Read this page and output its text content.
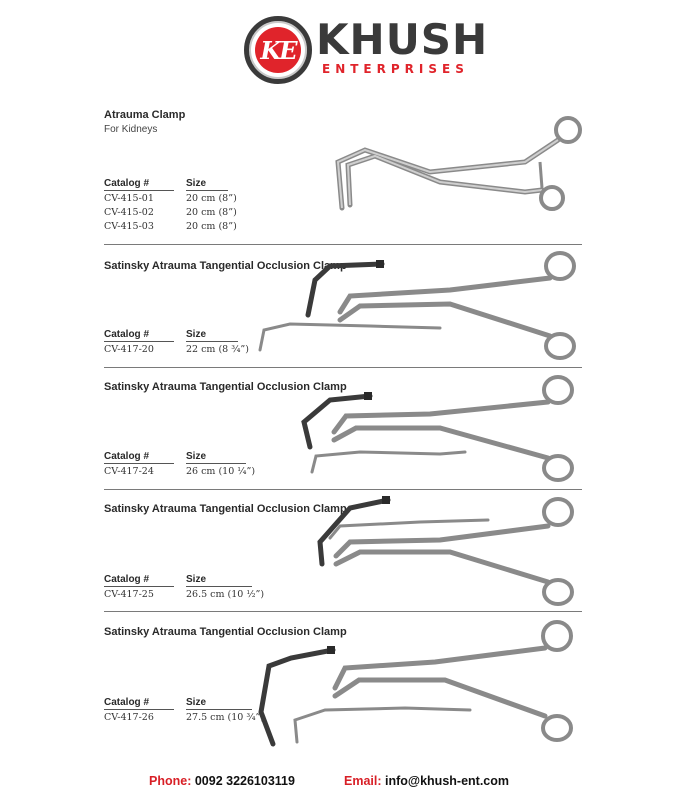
KE KHUSH
ENTERPRISES
Atrauma Clamp
For Kidneys
Catalog #	Size
CV-415-01	20 cm (8”)
CV-415-02	20 cm (8”)
CV-415-03	20 cm (8”)
Satinsky Atrauma Tangential Occlusion Clamp
Catalog #	Size
CV-417-20	22 cm (8 ¾”)
Satinsky Atrauma Tangential Occlusion Clamp
Catalog #	Size
CV-417-24	26 cm (10 ¼”)
Satinsky Atrauma Tangential Occlusion Clamp
Catalog #	Size
CV-417-25	26.5 cm (10 ½”)
Satinsky Atrauma Tangential Occlusion Clamp
Catalog #	Size
CV-417-26	27.5 cm (10 ¾”)
Phone: 0092 3226103119	Email: info@khush-ent.com
